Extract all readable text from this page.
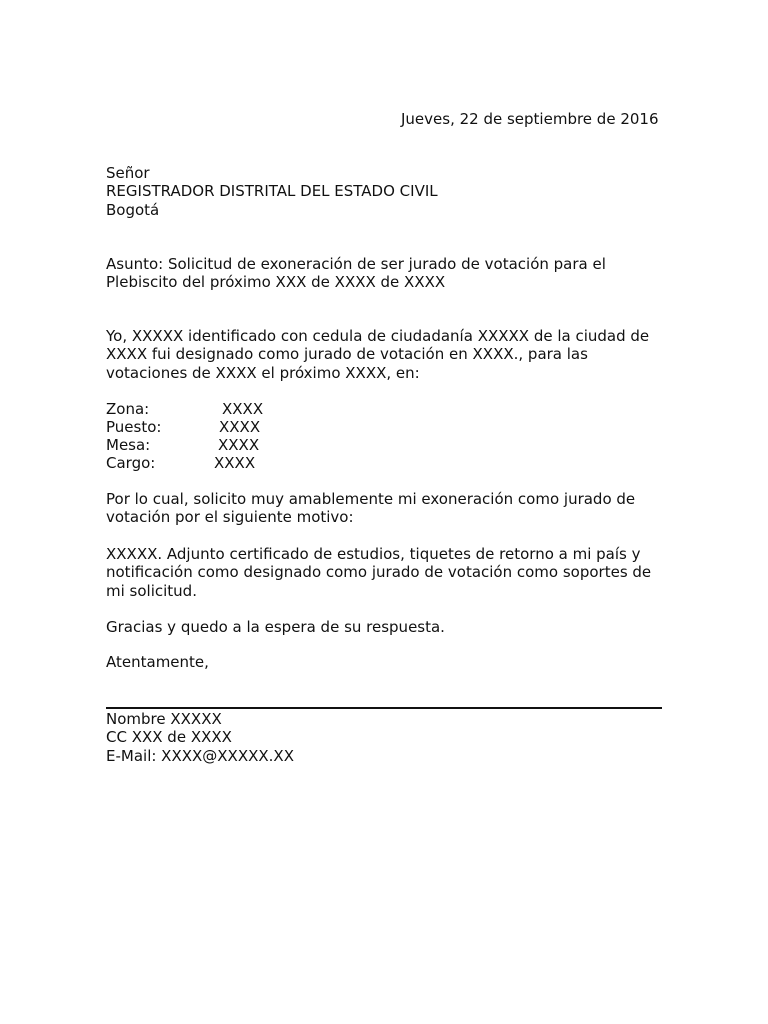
Jueves, 22 de septiembre de 2016
Señor
REGISTRADOR DISTRITAL DEL ESTADO CIVIL
Bogotá
Asunto: Solicitud de exoneración de ser jurado de votación para el
Plebiscito del próximo XXX de XXXX de XXXX
Yo, XXXXX identificado con cedula de ciudadanía XXXXX de la ciudad de
XXXX fui designado como jurado de votación en XXXX., para las
votaciones de XXXX el próximo XXXX, en:
Zona:	XXXX
Puesto:	XXXX
Mesa:	XXXX
Cargo:	XXXX
Por lo cual, solicito muy amablemente mi exoneración como jurado de
votación por el siguiente motivo:
XXXXX. Adjunto certificado de estudios, tiquetes de retorno a mi país y
notificación como designado como jurado de votación como soportes de
mi solicitud.
Gracias y quedo a la espera de su respuesta.
Atentamente,
Nombre XXXXX
CC XXX de XXXX
E-Mail: XXXX@XXXXX.XX
